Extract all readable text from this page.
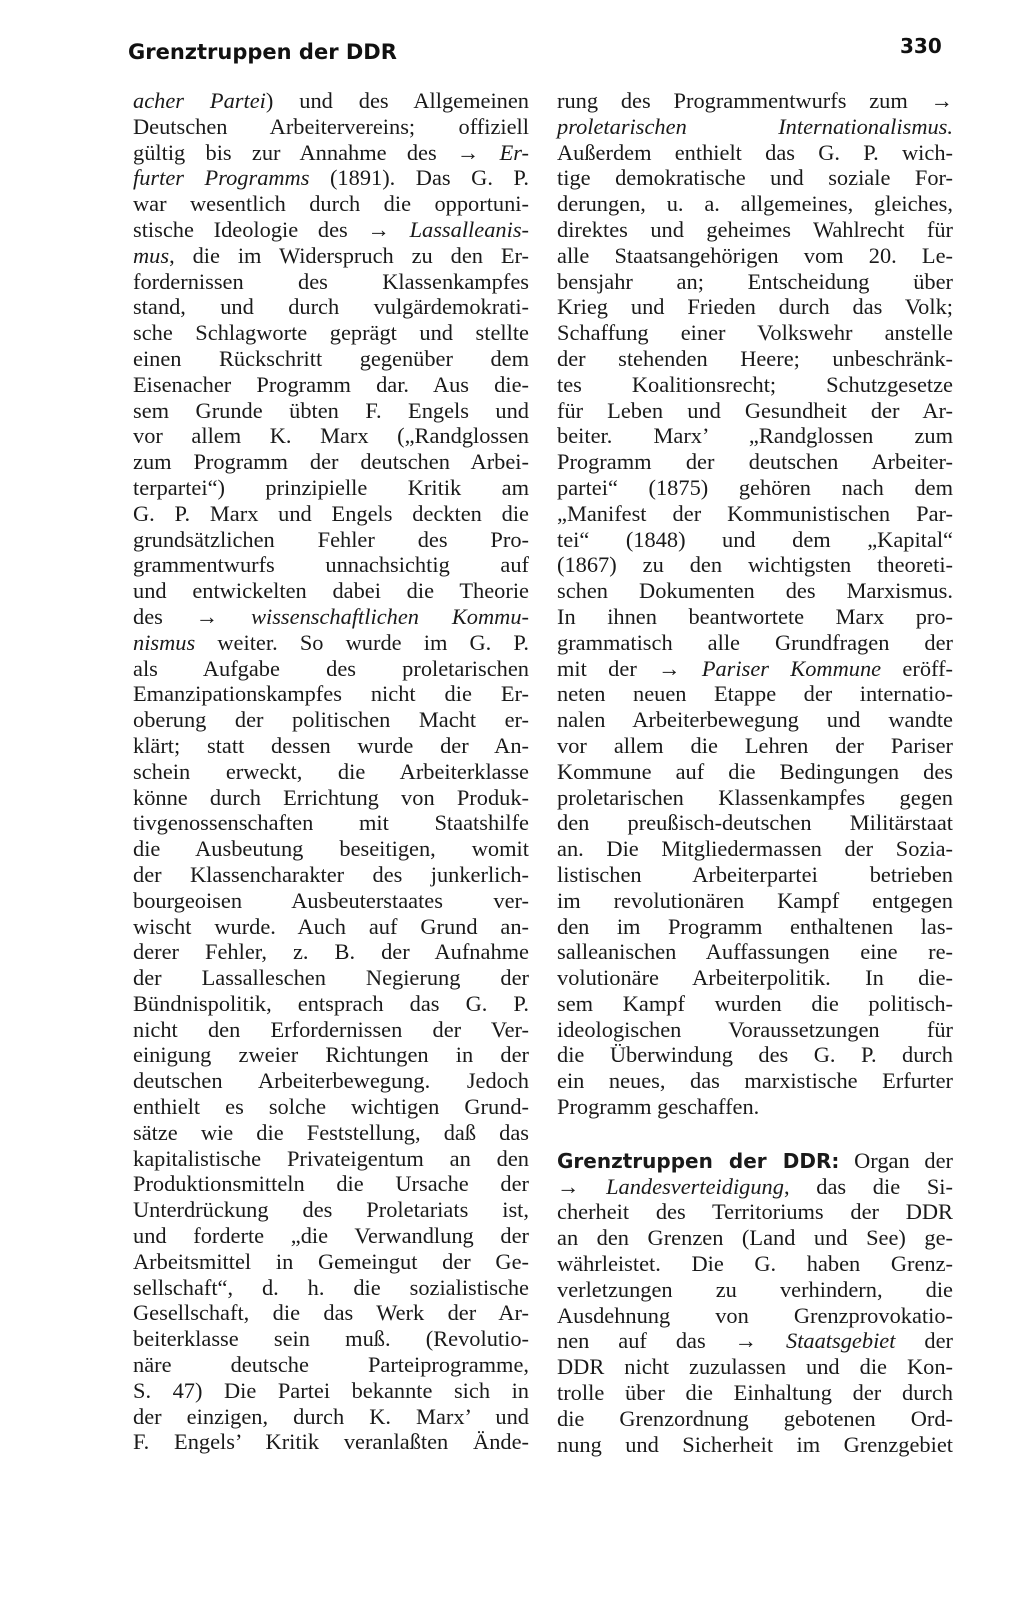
Grenztruppen der DDR	330
acher Partei) und des Allgemeinen
Deutschen Arbeitervereins; offiziell
gültig bis zur Annahme des → Er-
furter Programms (1891). Das G. P.
war wesentlich durch die opportuni-
stische Ideologie des → Lassalleanis-
mus, die im Widerspruch zu den Er-
fordernissen des Klassenkampfes
stand, und durch vulgärdemokrati-
sche Schlagworte geprägt und stellte
einen Rückschritt gegenüber dem
Eisenacher Programm dar. Aus die-
sem Grunde übten F. Engels und
vor allem K. Marx („Randglossen
zum Programm der deutschen Arbei-
terpartei“) prinzipielle Kritik am
G. P. Marx und Engels deckten die
grundsätzlichen Fehler des Pro-
grammentwurfs unnachsichtig auf
und entwickelten dabei die Theorie
des → wissenschaftlichen Kommu-
nismus weiter. So wurde im G. P.
als Aufgabe des proletarischen
Emanzipationskampfes nicht die Er-
oberung der politischen Macht er-
klärt; statt dessen wurde der An-
schein erweckt, die Arbeiterklasse
könne durch Errichtung von Produk-
tivgenossenschaften mit Staatshilfe
die Ausbeutung beseitigen, womit
der Klassencharakter des junkerlich-
bourgeoisen Ausbeuterstaates ver-
wischt wurde. Auch auf Grund an-
derer Fehler, z. B. der Aufnahme
der Lassalleschen Negierung der
Bündnispolitik, entsprach das G. P.
nicht den Erfordernissen der Ver-
einigung zweier Richtungen in der
deutschen Arbeiterbewegung. Jedoch
enthielt es solche wichtigen Grund-
sätze wie die Feststellung, daß das
kapitalistische Privateigentum an den
Produktionsmitteln die Ursache der
Unterdrückung des Proletariats ist,
und forderte „die Verwandlung der
Arbeitsmittel in Gemeingut der Ge-
sellschaft“, d. h. die sozialistische
Gesellschaft, die das Werk der Ar-
beiterklasse sein muß. (Revolutio-
näre deutsche Parteiprogramme,
S. 47) Die Partei bekannte sich in
der einzigen, durch K. Marx’ und
F. Engels’ Kritik veranlaßten Ände-
rung des Programmentwurfs zum →
proletarischen Internationalismus.
Außerdem enthielt das G. P. wich-
tige demokratische und soziale For-
derungen, u. a. allgemeines, gleiches,
direktes und geheimes Wahlrecht für
alle Staatsangehörigen vom 20. Le-
bensjahr an; Entscheidung über
Krieg und Frieden durch das Volk;
Schaffung einer Volkswehr anstelle
der stehenden Heere; unbeschränk-
tes Koalitionsrecht; Schutzgesetze
für Leben und Gesundheit der Ar-
beiter. Marx’ „Randglossen zum
Programm der deutschen Arbeiter-
partei“ (1875) gehören nach dem
„Manifest der Kommunistischen Par-
tei“ (1848) und dem „Kapital“
(1867) zu den wichtigsten theoreti-
schen Dokumenten des Marxismus.
In ihnen beantwortete Marx pro-
grammatisch alle Grundfragen der
mit der → Pariser Kommune eröff-
neten neuen Etappe der internatio-
nalen Arbeiterbewegung und wandte
vor allem die Lehren der Pariser
Kommune auf die Bedingungen des
proletarischen Klassenkampfes gegen
den preußisch-deutschen Militärstaat
an. Die Mitgliedermassen der Sozia-
listischen Arbeiterpartei betrieben
im revolutionären Kampf entgegen
den im Programm enthaltenen las-
salleanischen Auffassungen eine re-
volutionäre Arbeiterpolitik. In die-
sem Kampf wurden die politisch-
ideologischen Voraussetzungen für
die Überwindung des G. P. durch
ein neues, das marxistische Erfurter
Programm geschaffen.
Grenztruppen der DDR: Organ der
→ Landesverteidigung, das die Si-
cherheit des Territoriums der DDR
an den Grenzen (Land und See) ge-
währleistet. Die G. haben Grenz-
verletzungen zu verhindern, die
Ausdehnung von Grenzprovokatio-
nen auf das → Staatsgebiet der
DDR nicht zuzulassen und die Kon-
trolle über die Einhaltung der durch
die Grenzordnung gebotenen Ord-
nung und Sicherheit im Grenzgebiet
